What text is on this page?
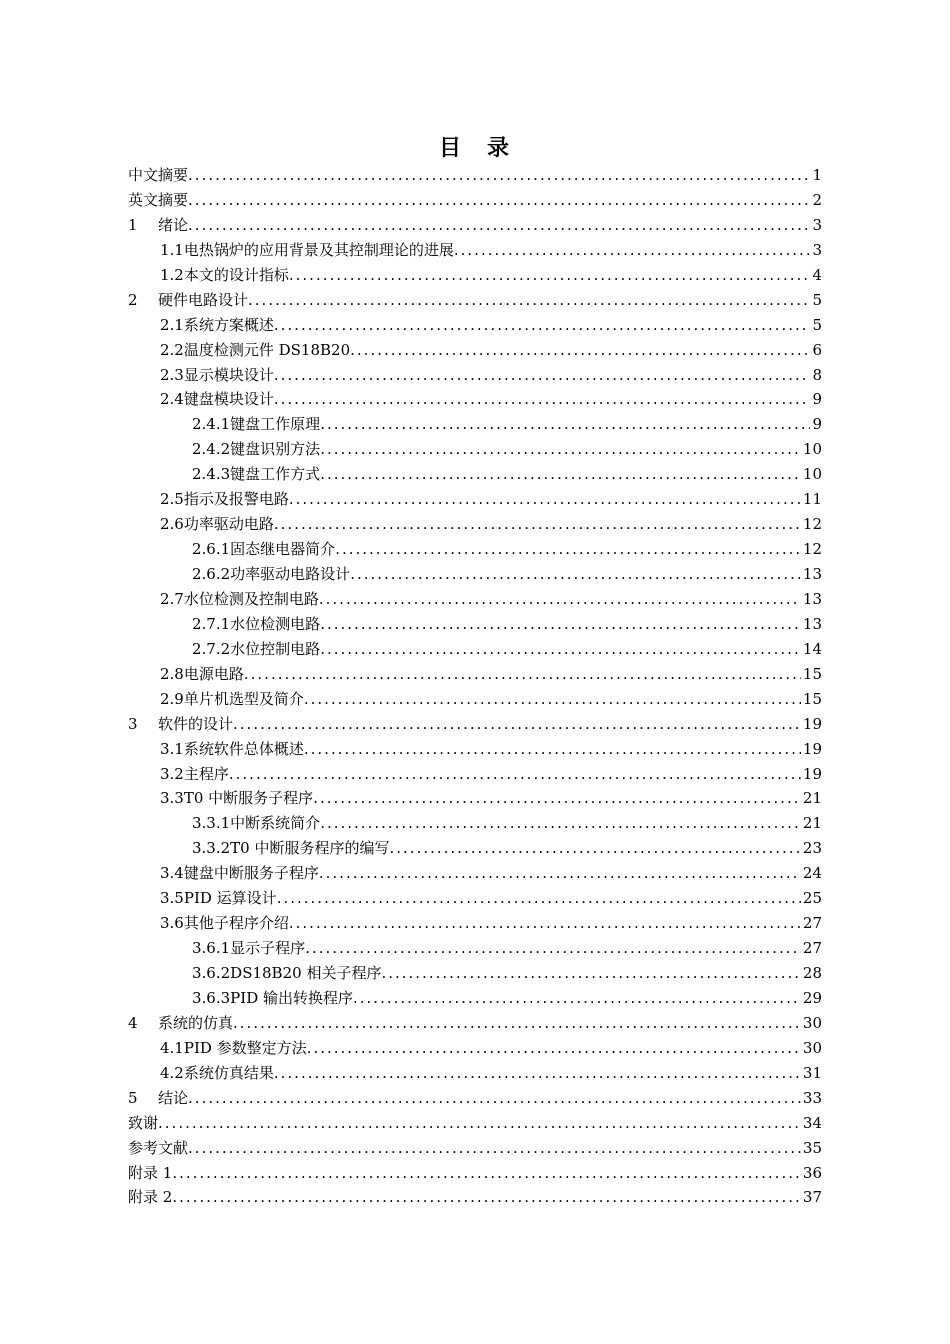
目　录
中文摘要 .....	1
英文摘要 .....	2
1	绪论 .....	3
1.1 电热锅炉的应用背景及其控制理论的进展 .....	3
1.2 本文的设计指标 .....	4
2	硬件电路设计 .....	5
2.1 系统方案概述 .....	5
2.2 温度检测元件 DS18B20 .....	6
2.3 显示模块设计 .....	8
2.4 键盘模块设计 .....	9
2.4.1 键盘工作原理 .....	9
2.4.2 键盘识别方法 .....	10
2.4.3 键盘工作方式 .....	10
2.5 指示及报警电路 .....	11
2.6 功率驱动电路 .....	12
2.6.1 固态继电器简介 .....	12
2.6.2 功率驱动电路设计 .....	13
2.7 水位检测及控制电路 .....	13
2.7.1 水位检测电路 .....	13
2.7.2 水位控制电路 .....	14
2.8 电源电路 .....	15
2.9 单片机选型及简介 .....	15
3	软件的设计 .....	19
3.1 系统软件总体概述 .....	19
3.2 主程序 .....	19
3.3 T0 中断服务子程序 .....	21
3.3.1 中断系统简介 .....	21
3.3.2 T0 中断服务程序的编写 .....	23
3.4 键盘中断服务子程序 .....	24
3.5 PID 运算设计 .....	25
3.6 其他子程序介绍 .....	27
3.6.1 显示子程序 .....	27
3.6.2 DS18B20 相关子程序 .....	28
3.6.3 PID 输出转换程序 .....	29
4	系统的仿真 .....	30
4.1 PID 参数整定方法 .....	30
4.2 系统仿真结果 .....	31
5	结论 .....	33
致谢 .....	34
参考文献 .....	35
附录 1 .....	36
附录 2 .....	37
